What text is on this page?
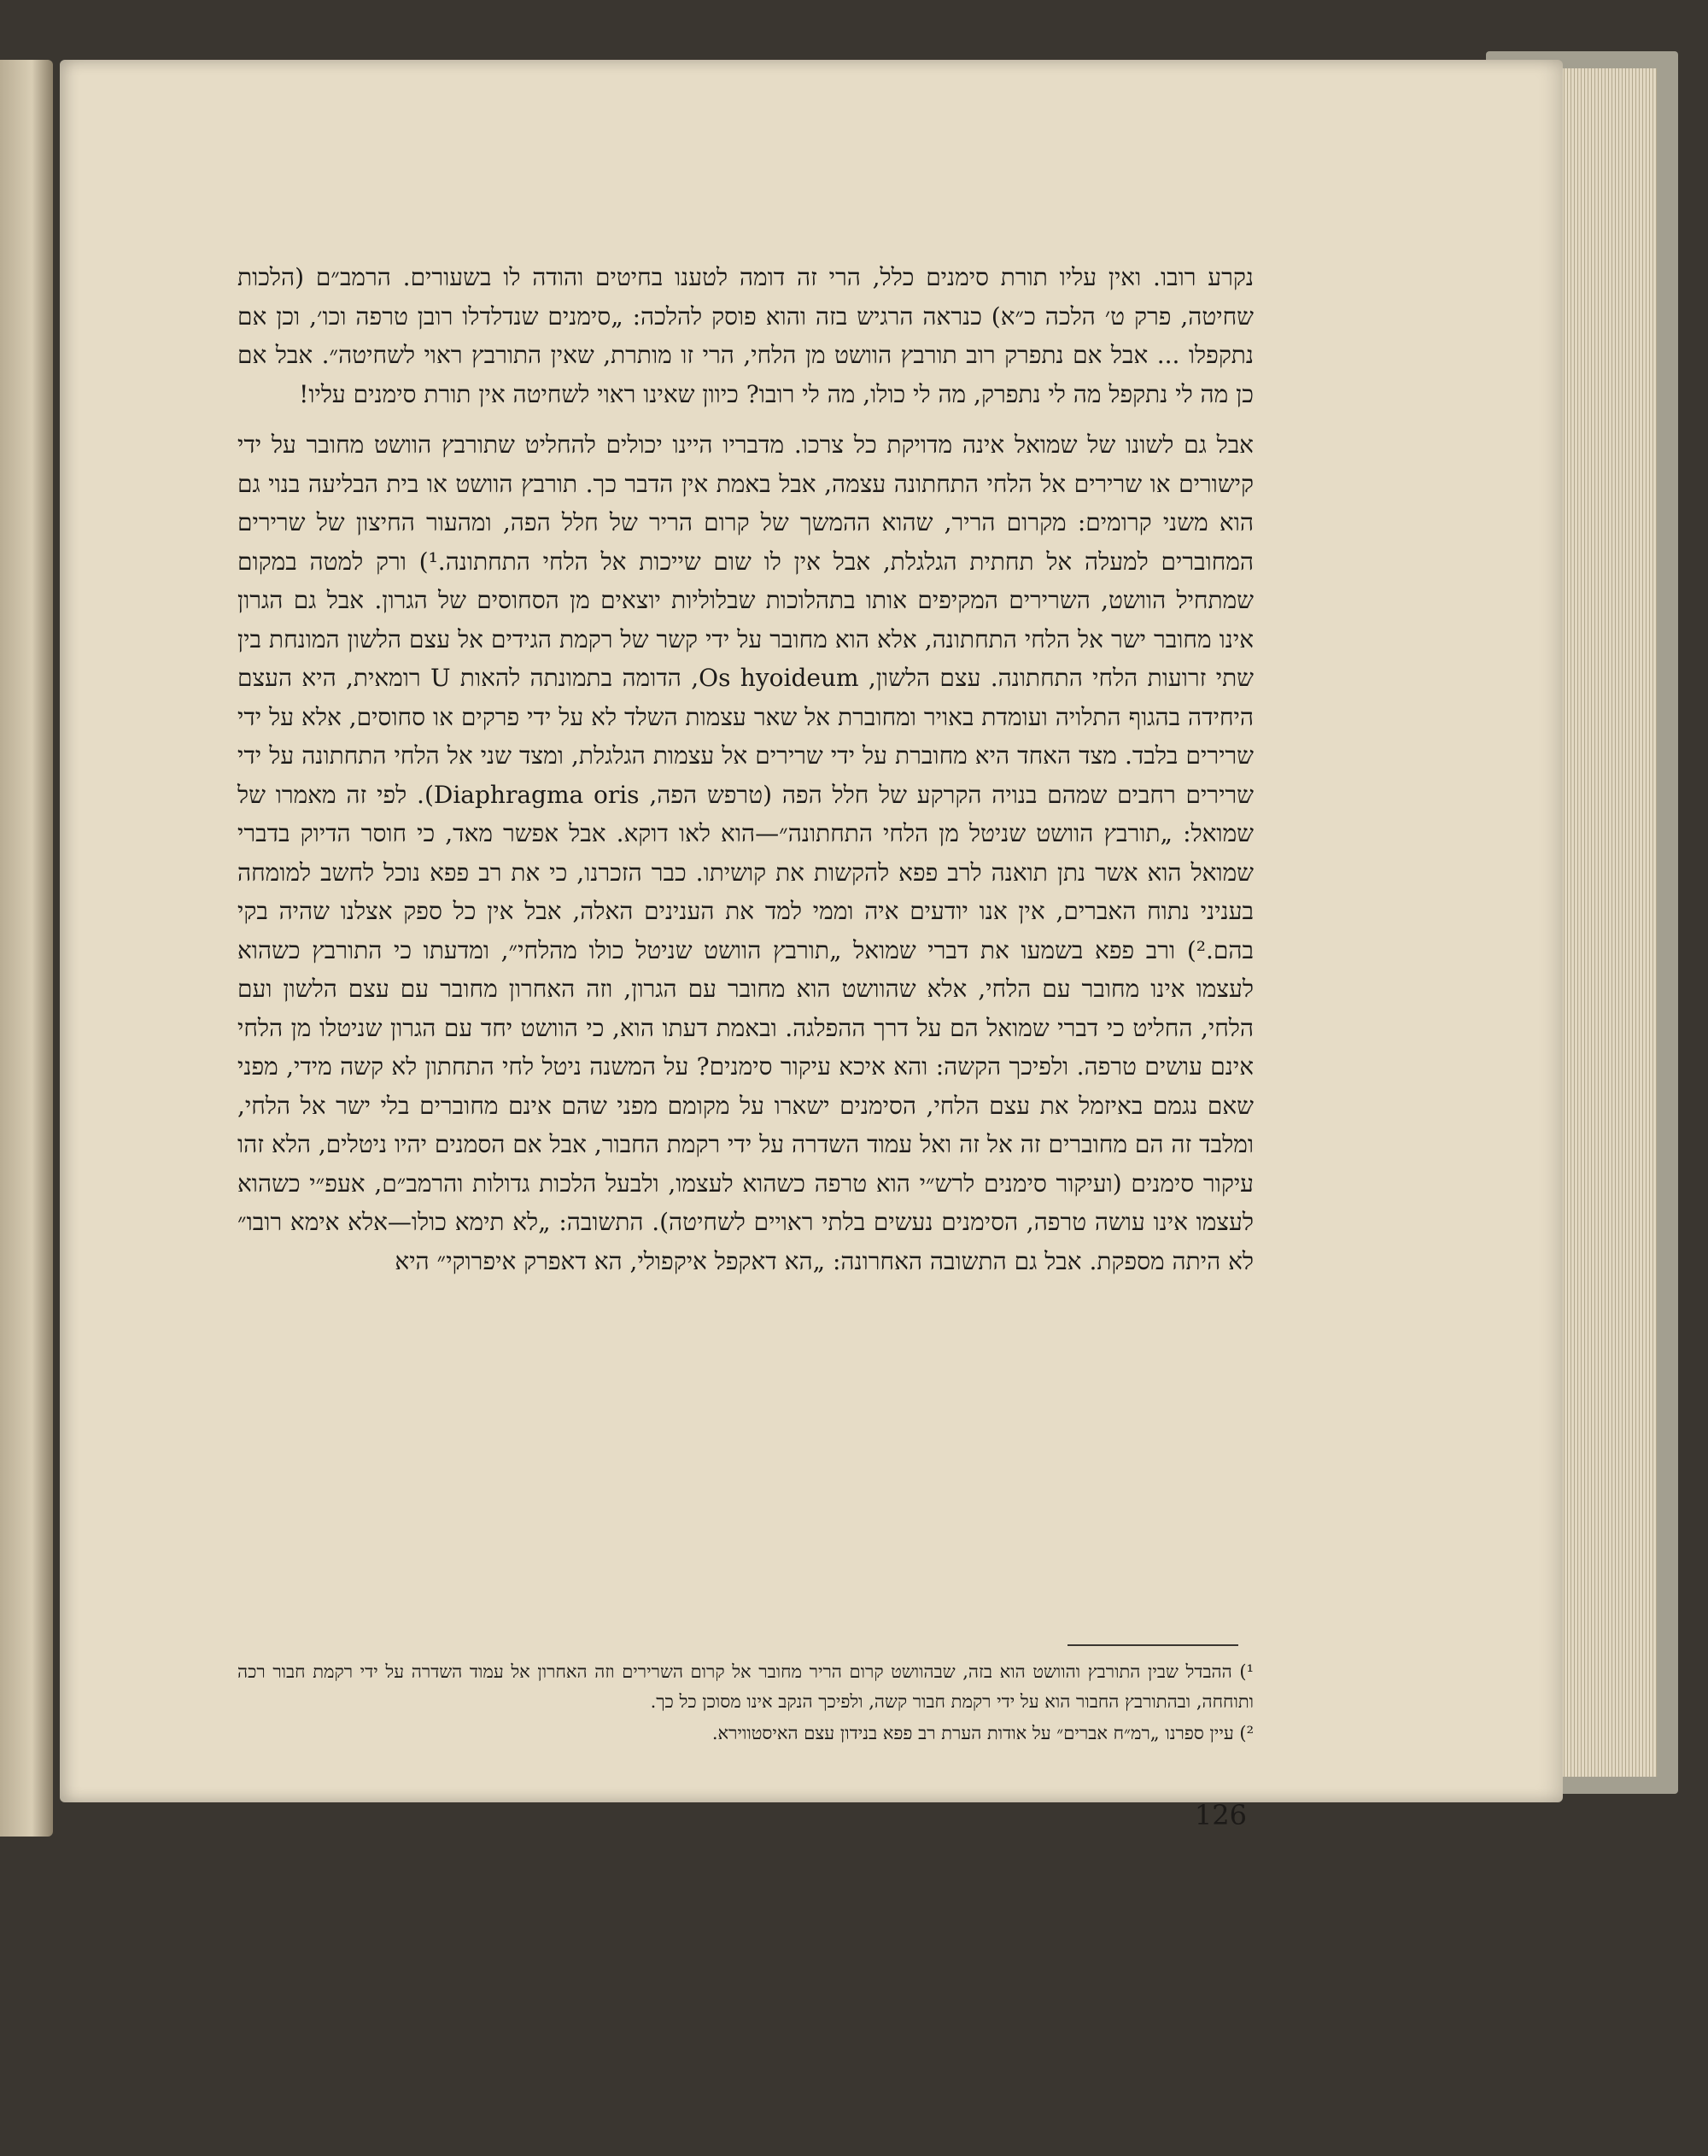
נקרע רובו. ואין עליו תורת סימנים כלל, הרי זה דומה לטענו בחיטים והודה לו בשעורים. הרמב״ם (הלכות שחיטה, פרק ט׳ הלכה כ״א) כנראה הרגיש בזה והוא פוסק להלכה: „סימנים שנדלדלו רובן טרפה וכו׳, וכן אם נתקפלו ... אבל אם נתפרק רוב תורבץ הוושט מן הלחי, הרי זו מותרת, שאין התורבץ ראוי לשחיטה״. אבל אם כן מה לי נתקפל מה לי נתפרק, מה לי כולו, מה לי רובו? כיוון שאינו ראוי לשחיטה אין תורת סימנים עליו!

אבל גם לשונו של שמואל אינה מדויקת כל צרכו. מדבריו היינו יכולים להחליט שתורבץ הוושט מחובר על ידי קישורים או שרירים אל הלחי התחתונה עצמה, אבל באמת אין הדבר כך. תורבץ הוושט או בית הבליעה בנוי גם הוא משני קרומים: מקרום הריר, שהוא ההמשך של קרום הריר של חלל הפה, ומהעור החיצון של שרירים המחוברים למעלה אל תחתית הגלגלת, אבל אין לו שום שייכות אל הלחי התחתונה.¹) ורק למטה במקום שמתחיל הוושט, השרירים המקיפים אותו בתהלוכות שבלוליות יוצאים מן הסחוסים של הגרון. אבל גם הגרון אינו מחובר ישר אל הלחי התחתונה, אלא הוא מחובר על ידי קשר של רקמת הגידים אל עצם הלשון המונחת בין שתי זרועות הלחי התחתונה. עצם הלשון, Os hyoideum, הדומה בתמונתה להאות U רומאית, היא העצם היחידה בהגוף התלויה ועומדת באויר ומחוברת אל שאר עצמות השלד לא על ידי פרקים או סחוסים, אלא על ידי שרירים בלבד. מצד האחד היא מחוברת על ידי שרירים אל עצמות הגלגלת, ומצד שני אל הלחי התחתונה על ידי שרירים רחבים שמהם בנויה הקרקע של חלל הפה (טרפש הפה, Diaphragma oris). לפי זה מאמרו של שמואל: „תורבץ הוושט שניטל מן הלחי התחתונה״—הוא לאו דוקא. אבל אפשר מאד, כי חוסר הדיוק בדברי שמואל הוא אשר נתן תואנה לרב פפא להקשות את קושיתו. כבר הזכרנו, כי את רב פפא נוכל לחשב למומחה בעניני נתוח האברים, אין אנו יודעים איה וממי למד את הענינים האלה, אבל אין כל ספק אצלנו שהיה בקי בהם.²) ורב פפא בשמעו את דברי שמואל „תורבץ הוושט שניטל כולו מהלחי״, ומדעתו כי התורבץ כשהוא לעצמו אינו מחובר עם הלחי, אלא שהוושט הוא מחובר עם הגרון, וזה האחרון מחובר עם עצם הלשון ועם הלחי, החליט כי דברי שמואל הם על דרך ההפלגה. ובאמת דעתו הוא, כי הוושט יחד עם הגרון שניטלו מן הלחי אינם עושים טרפה. ולפיכך הקשה: והא איכא עיקור סימנים? על המשנה ניטל לחי התחתון לא קשה מידי, מפני שאם נגמם באיזמל את עצם הלחי, הסימנים ישארו על מקומם מפני שהם אינם מחוברים בלי ישר אל הלחי, ומלבד זה הם מחוברים זה אל זה ואל עמוד השדרה על ידי רקמת החבור, אבל אם הסמנים יהיו ניטלים, הלא זהו עיקור סימנים (ועיקור סימנים לרש״י הוא טרפה כשהוא לעצמו, ולבעל הלכות גדולות והרמב״ם, אעפ״י כשהוא לעצמו אינו עושה טרפה, הסימנים נעשים בלתי ראויים לשחיטה). התשובה: „לא תימא כולו—אלא אימא רובו״ לא היתה מספקת. אבל גם התשובה האחרונה: „הא דאקפל איקפולי, הא דאפרק איפרוקי״ היא

¹) ההבדל שבין התורבץ והוושט הוא בזה, שבהוושט קרום הריר מחובר אל קרום השרירים וזה האחרון אל עמוד השדרה על ידי רקמת חבור רכה ותוחחה, ובהתורבץ החבור הוא על ידי רקמת חבור קשה, ולפיכך הנקב אינו מסוכן כל כך.

²) עיין ספרנו „רמ״ח אברים״ על אודות הערת רב פפא בנידון עצם האיסטווירא.

126
